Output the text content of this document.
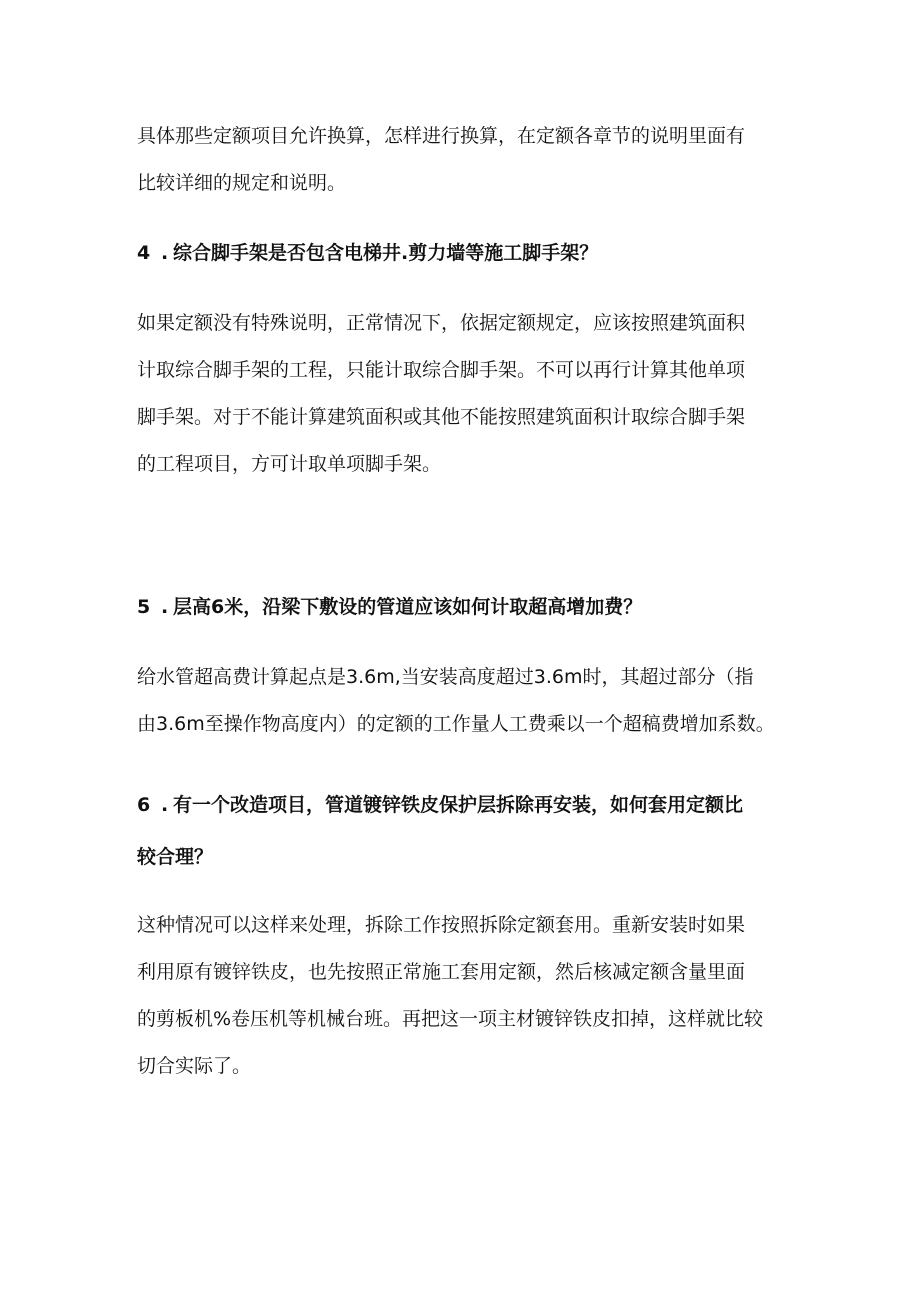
具体那些定额项目允许换算，怎样进行换算，在定额各章节的说明里面有

比较详细的规定和说明。

4 . 综合脚手架是否包含电梯井.剪力墙等施工脚手架？

如果定额没有特殊说明，正常情况下，依据定额规定，应该按照建筑面积

计取综合脚手架的工程，只能计取综合脚手架。不可以再行计算其他单项

脚手架。对于不能计算建筑面积或其他不能按照建筑面积计取综合脚手架

的工程项目，方可计取单项脚手架。

5 . 层高6米，沿梁下敷设的管道应该如何计取超高增加费？

给水管超高费计算起点是3.6m,当安装高度超过3.6m时，其超过部分（指

由3.6m至操作物高度内）的定额的工作量人工费乘以一个超稿费增加系数。

6 . 有一个改造项目，管道镀锌铁皮保护层拆除再安装，如何套用定额比

较合理？

这种情况可以这样来处理，拆除工作按照拆除定额套用。重新安装时如果

利用原有镀锌铁皮，也先按照正常施工套用定额，然后核减定额含量里面

的剪板机%卷压机等机械台班。再把这一项主材镀锌铁皮扣掉，这样就比较

切合实际了。
